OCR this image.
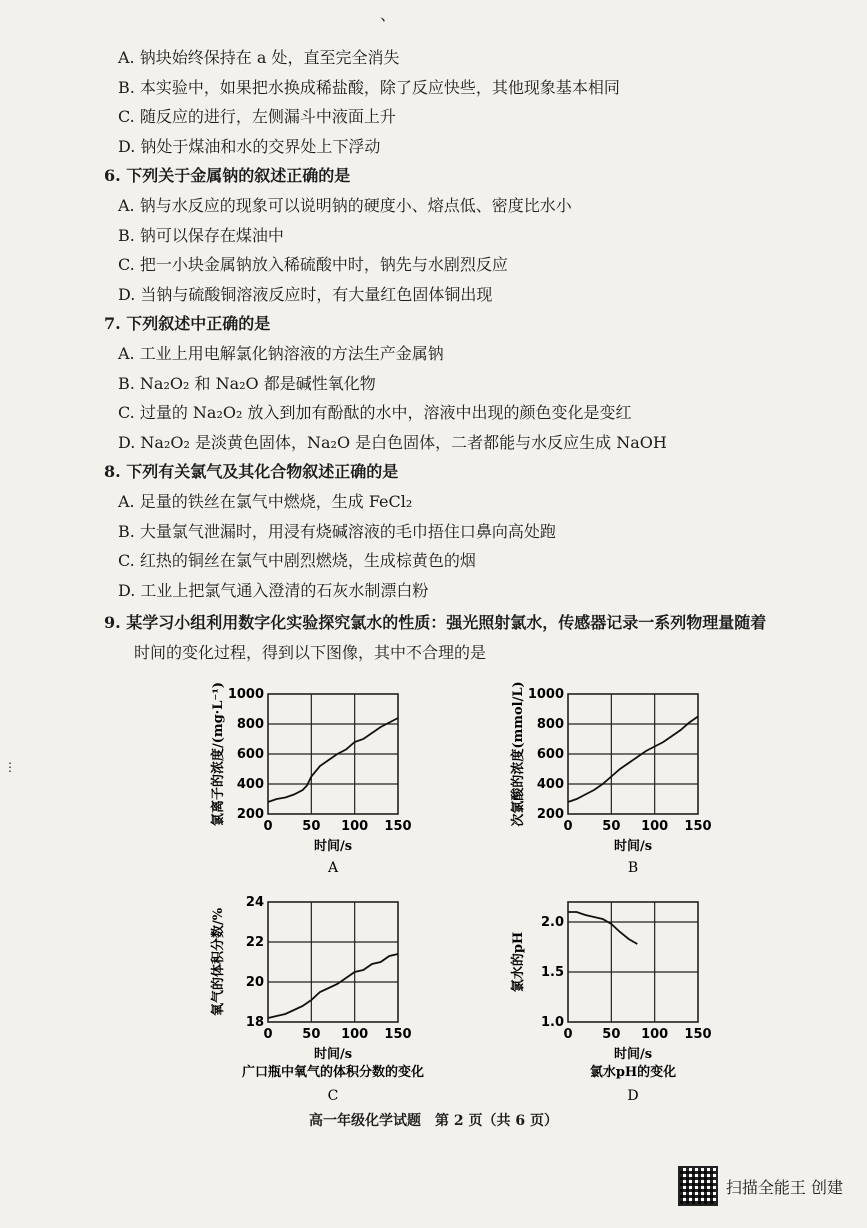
、
⋮
A. 钠块始终保持在 a 处，直至完全消失
B. 本实验中，如果把水换成稀盐酸，除了反应快些，其他现象基本相同
C. 随反应的进行，左侧漏斗中液面上升
D. 钠处于煤油和水的交界处上下浮动
6. 下列关于金属钠的叙述正确的是
A. 钠与水反应的现象可以说明钠的硬度小、熔点低、密度比水小
B. 钠可以保存在煤油中
C. 把一小块金属钠放入稀硫酸中时，钠先与水剧烈反应
D. 当钠与硫酸铜溶液反应时，有大量红色固体铜出现
7. 下列叙述中正确的是
A. 工业上用电解氯化钠溶液的方法生产金属钠
B. Na₂O₂ 和 Na₂O 都是碱性氧化物
C. 过量的 Na₂O₂ 放入到加有酚酞的水中，溶液中出现的颜色变化是变红
D. Na₂O₂ 是淡黄色固体，Na₂O 是白色固体，二者都能与水反应生成 NaOH
8. 下列有关氯气及其化合物叙述正确的是
A. 足量的铁丝在氯气中燃烧，生成 FeCl₂
B. 大量氯气泄漏时，用浸有烧碱溶液的毛巾捂住口鼻向高处跑
C. 红热的铜丝在氯气中剧烈燃烧，生成棕黄色的烟
D. 工业上把氯气通入澄清的石灰水制漂白粉
9. 某学习小组利用数字化实验探究氯水的性质：强光照射氯水，传感器记录一系列物理量随着
时间的变化过程，得到以下图像，其中不合理的是
0 50 100 150
200
400
600
800
1000
时间/s
氯离子的浓度/(mg·L⁻¹)
A
0 50 100 150
200
400
600
800
1000
时间/s
次氯酸的浓度(mmol/L)
B
0 50 100 150
18
20
22
24
时间/s
氧气的体积分数/%
广口瓶中氧气的体积分数的变化
C
0 50 100 150
1.0
1.5
2.0
时间/s
氯水的pH
氯水pH的变化
D
高一年级化学试题　第 2 页（共 6 页）
扫描全能王 创建
